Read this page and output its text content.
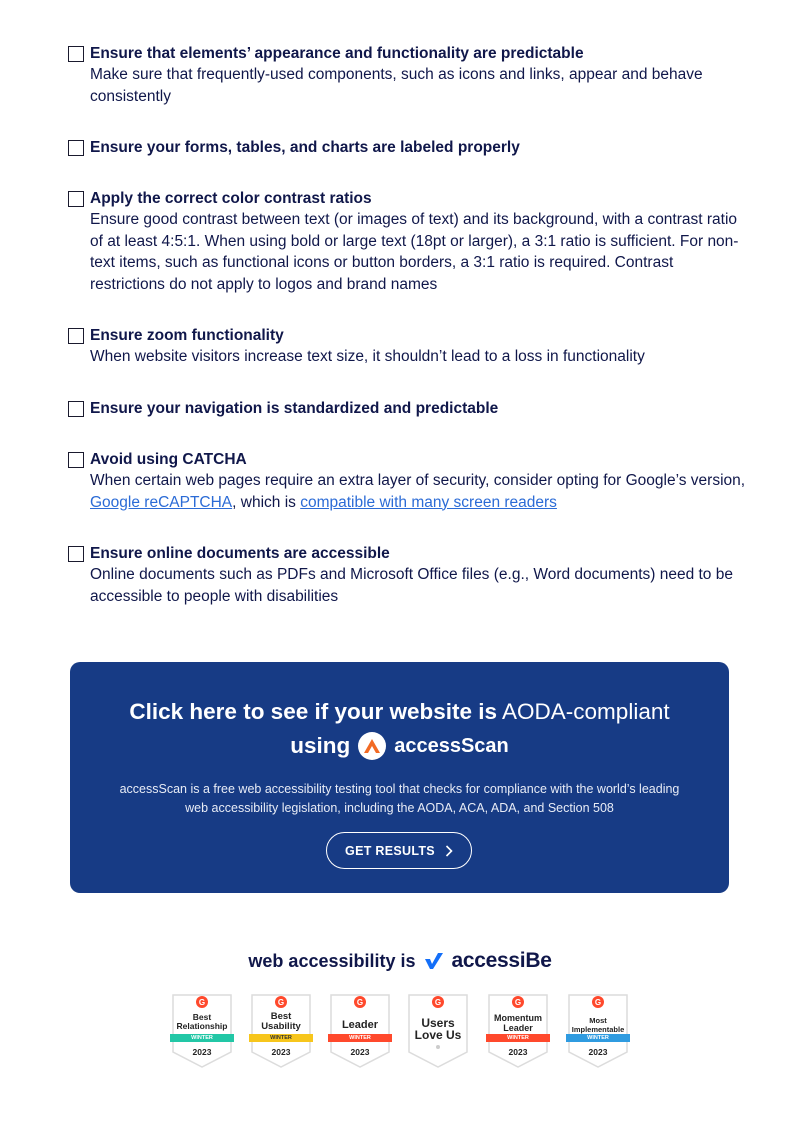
Ensure that elements’ appearance and functionality are predictable
Make sure that frequently-used components, such as icons and links, appear and behave consistently
Ensure your forms, tables, and charts are labeled properly
Apply the correct color contrast ratios
Ensure good contrast between text (or images of text) and its background, with a contrast ratio of at least 4:5:1. When using bold or large text (18pt or larger), a 3:1 ratio is sufficient. For non-text items, such as functional icons or button borders, a 3:1 ratio is required. Contrast restrictions do not apply to logos and brand names
Ensure zoom functionality
When website visitors increase text size, it shouldn’t lead to a loss in functionality
Ensure your navigation is standardized and predictable
Avoid using CATCHA
When certain web pages require an extra layer of security, consider opting for Google’s version, Google reCAPTCHA, which is compatible with many screen readers
Ensure online documents are accessible
Online documents such as PDFs and Microsoft Office files (e.g., Word documents) need to be accessible to people with disabilities
Click here to see if your website is AODA-compliant
using accessScan
accessScan is a free web accessibility testing tool that checks for compliance with the world’s leading web accessibility legislation, including the AODA, ACA, ADA, and Section 508
GET RESULTS
web accessibility is accessiBe
G
Best Relationship
WINTER
2023
G
Best Usability
WINTER
2023
G
Leader
WINTER
2023
G
Users Love Us
G
Momentum Leader
WINTER
2023
G
Most Implementable
WINTER
2023
